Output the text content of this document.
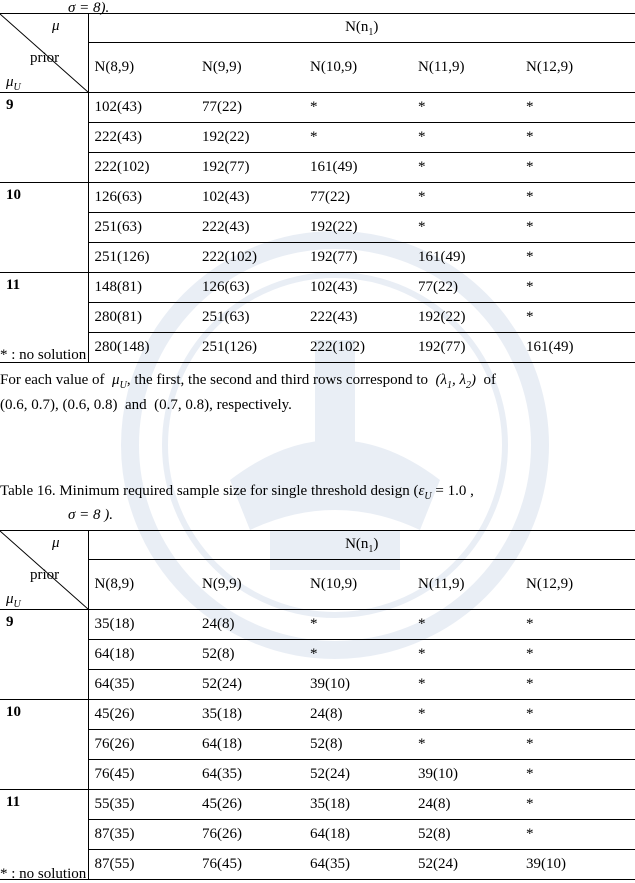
σ = 8).
μ
prior
$\mu_U$	$N(n_1)$				
	N(8,9)	N(9,9)	N(10,9)	N(11,9)	N(12,9)
9	102(43)	77(22)	*	*	*
	222(43)	192(22)	*	*	*
	222(102)	192(77)	161(49)	*	*
10	126(63)	102(43)	77(22)	*	*
	251(63)	222(43)	192(22)	*	*
	251(126)	222(102)	192(77)	161(49)	*
11	148(81)	126(63)	102(43)	77(22)	*
	280(81)	251(63)	222(43)	192(22)	*
	280(148)	251(126)	222(102)	192(77)	161(49)
* : no solution
For each value of $\mu_U$, the first, the second and third rows correspond to ($\lambda_1$, $\lambda_2$) of
(0.6, 0.7), (0.6, 0.8) and (0.7, 0.8), respectively.
Table 16. Minimum required sample size for single threshold design ($\varepsilon_U = 1.0$ ,
σ = 8 ).
μ
prior
$\mu_U$	$N(n_1)$				
	N(8,9)	N(9,9)	N(10,9)	N(11,9)	N(12,9)
9	35(18)	24(8)	*	*	*
	64(18)	52(8)	*	*	*
	64(35)	52(24)	39(10)	*	*
10	45(26)	35(18)	24(8)	*	*
	76(26)	64(18)	52(8)	*	*
	76(45)	64(35)	52(24)	39(10)	*
11	55(35)	45(26)	35(18)	24(8)	*
	87(35)	76(26)	64(18)	52(8)	*
	87(55)	76(45)	64(35)	52(24)	39(10)
* : no solution
